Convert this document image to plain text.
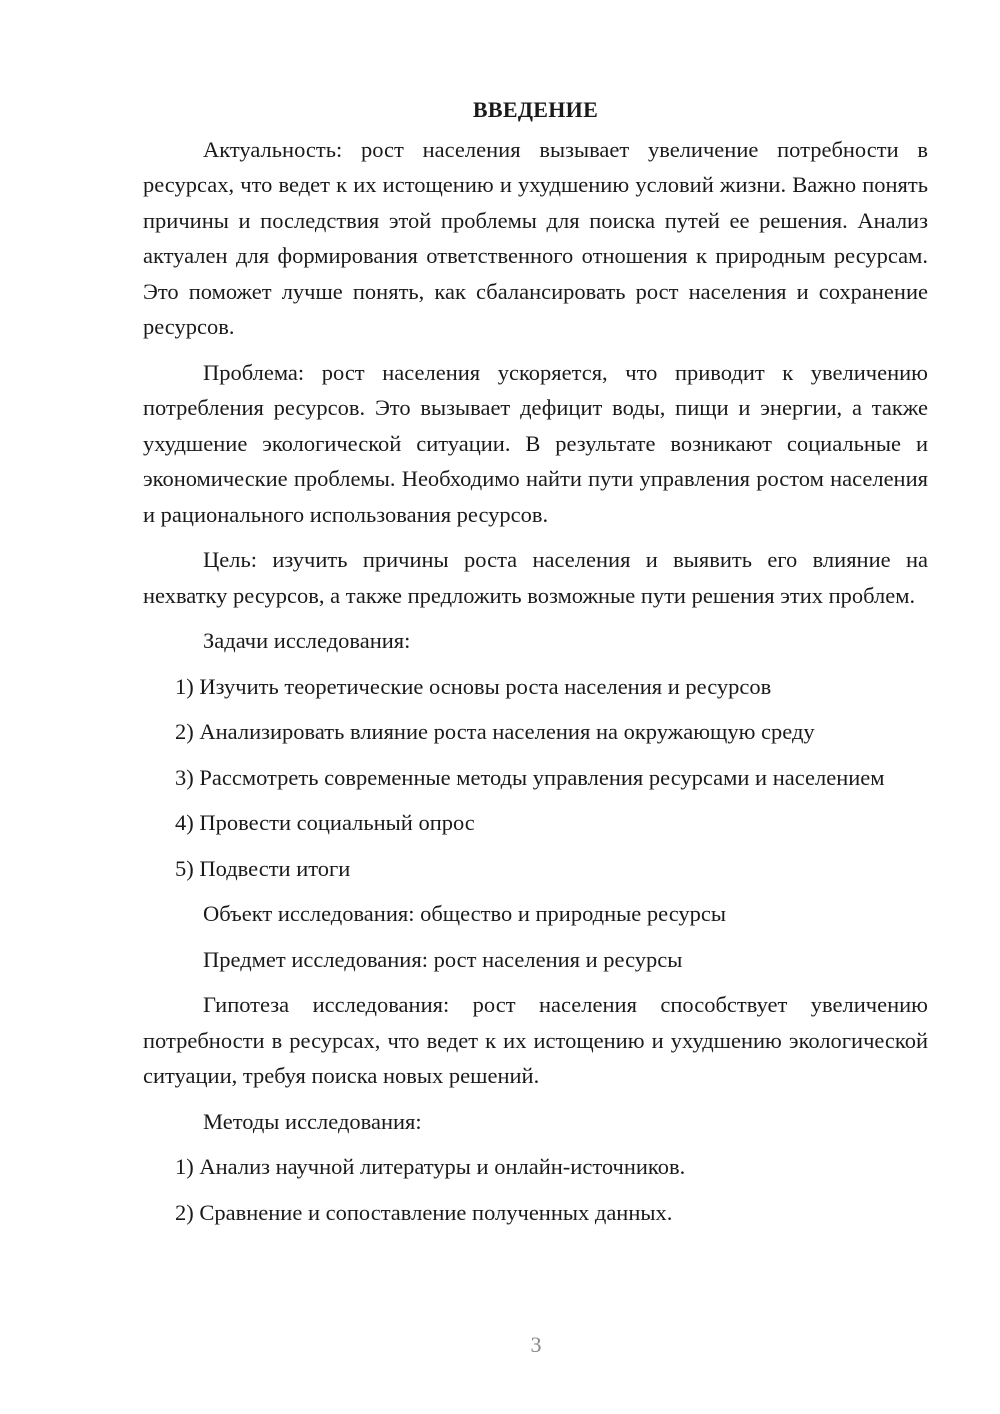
ВВЕДЕНИЕ

Актуальность: рост населения вызывает увеличение потребности в ресурсах, что ведет к их истощению и ухудшению условий жизни. Важно понять причины и последствия этой проблемы для поиска путей ее решения. Анализ актуален для формирования ответственного отношения к природным ресурсам. Это поможет лучше понять, как сбалансировать рост населения и сохранение ресурсов.

Проблема: рост населения ускоряется, что приводит к увеличению потребления ресурсов. Это вызывает дефицит воды, пищи и энергии, а также ухудшение экологической ситуации. В результате возникают социальные и экономические проблемы. Необходимо найти пути управления ростом населения и рационального использования ресурсов.

Цель: изучить причины роста населения и выявить его влияние на нехватку ресурсов, а также предложить возможные пути решения этих проблем.

Задачи исследования:

1) Изучить теоретические основы роста населения и ресурсов

2) Анализировать влияние роста населения на окружающую среду

3) Рассмотреть современные методы управления ресурсами и населением

4) Провести социальный опрос

5) Подвести итоги

Объект исследования: общество и природные ресурсы

Предмет исследования: рост населения и ресурсы

Гипотеза исследования: рост населения способствует увеличению потребности в ресурсах, что ведет к их истощению и ухудшению экологической ситуации, требуя поиска новых решений.

Методы исследования:

1) Анализ научной литературы и онлайн-источников.

2) Сравнение и сопоставление полученных данных.

3
